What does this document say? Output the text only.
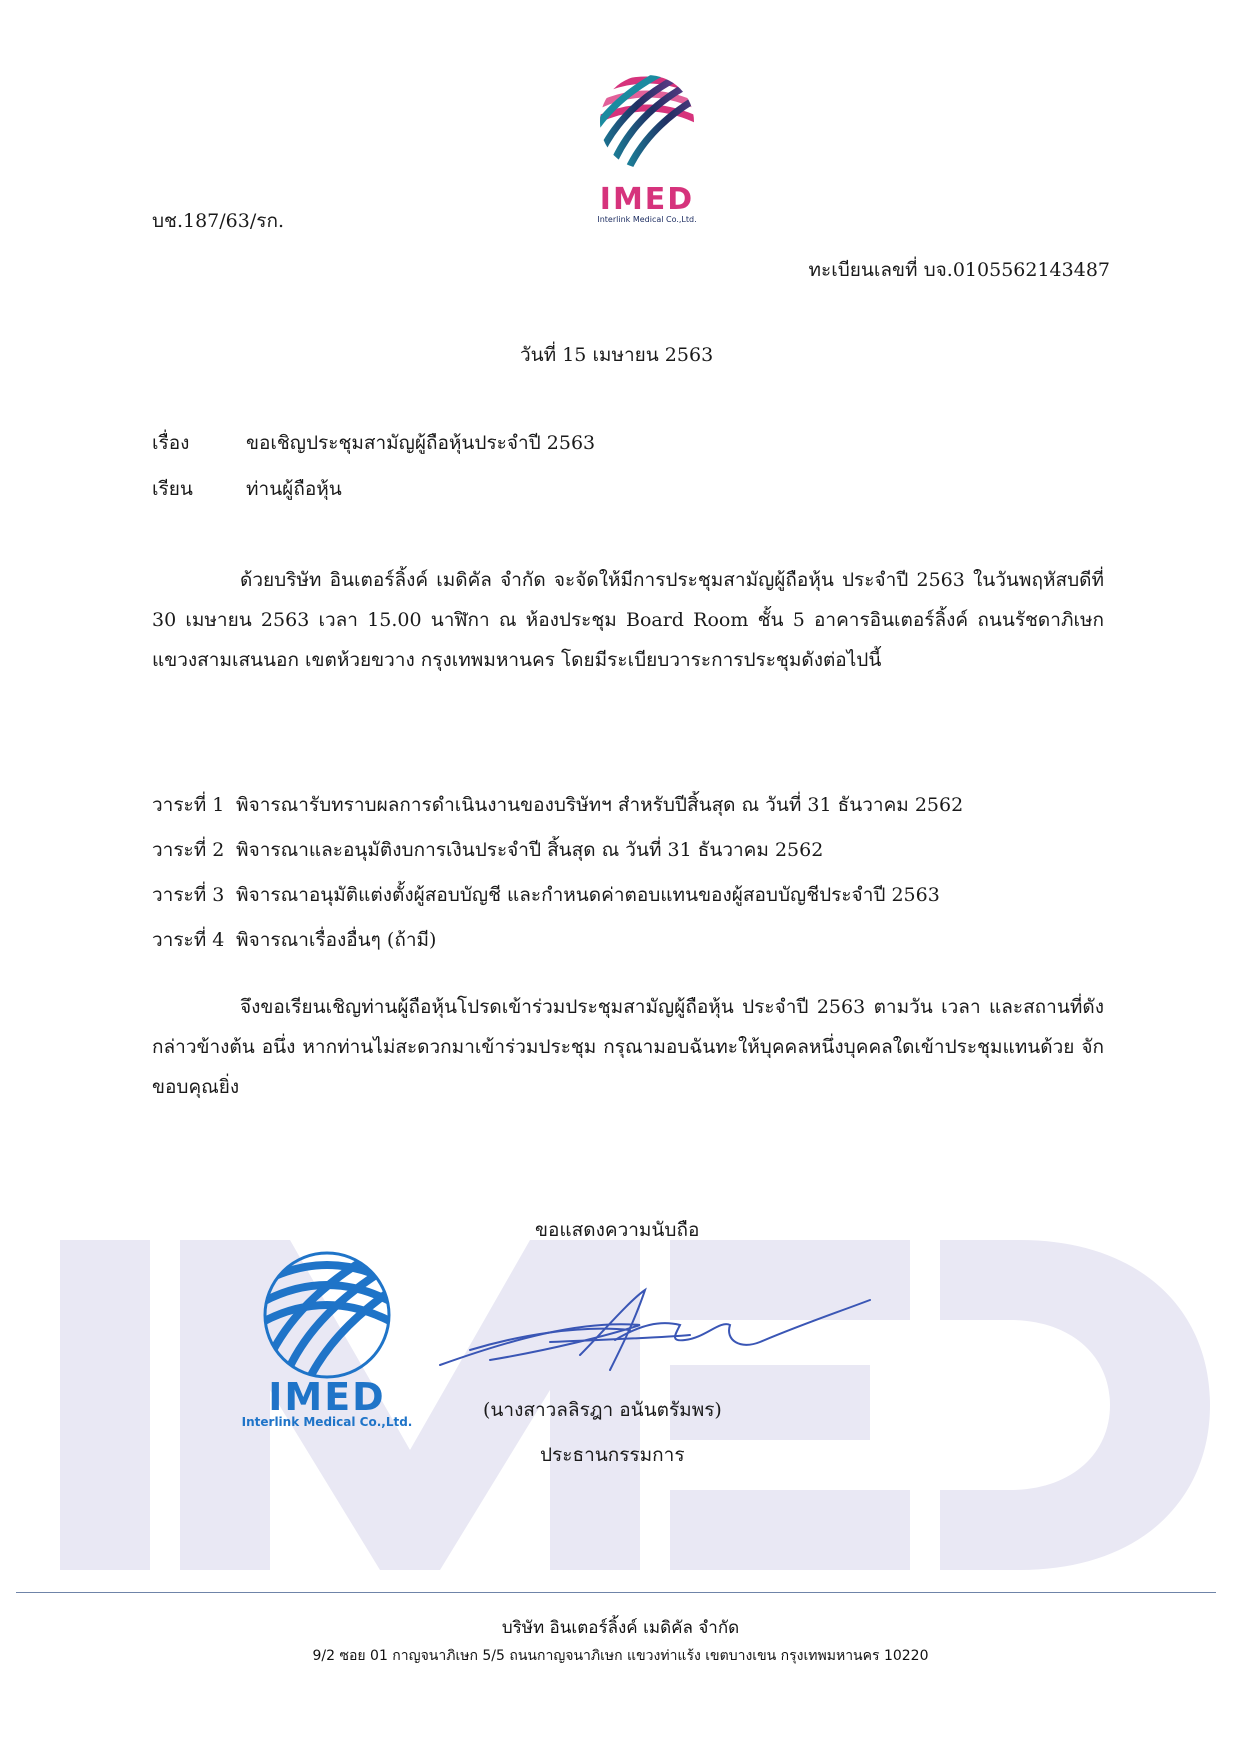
IMED
Interlink Medical Co.,Ltd.
บช.187/63/รก.
ทะเบียนเลขที่ บจ.0105562143487
วันที่ 15 เมษายน 2563
เรื่อง	ขอเชิญประชุมสามัญผู้ถือหุ้นประจำปี 2563
เรียน	ท่านผู้ถือหุ้น
ด้วยบริษัท อินเตอร์ลิ้งค์ เมดิคัล จำกัด จะจัดให้มีการประชุมสามัญผู้ถือหุ้น ประจำปี 2563 ในวันพฤหัสบดีที่ 30 เมษายน 2563 เวลา 15.00 นาฬิกา ณ ห้องประชุม Board Room ชั้น 5 อาคารอินเตอร์ลิ้งค์ ถนนรัชดาภิเษก แขวงสามเสนนอก เขตห้วยขวาง กรุงเทพมหานคร โดยมีระเบียบวาระการประชุมดังต่อไปนี้
วาระที่ 1 พิจารณารับทราบผลการดำเนินงานของบริษัทฯ สำหรับปีสิ้นสุด ณ วันที่ 31 ธันวาคม 2562
วาระที่ 2 พิจารณาและอนุมัติงบการเงินประจำปี สิ้นสุด ณ วันที่ 31 ธันวาคม 2562
วาระที่ 3 พิจารณาอนุมัติแต่งตั้งผู้สอบบัญชี และกำหนดค่าตอบแทนของผู้สอบบัญชีประจำปี 2563
วาระที่ 4 พิจารณาเรื่องอื่นๆ (ถ้ามี)
จึงขอเรียนเชิญท่านผู้ถือหุ้นโปรดเข้าร่วมประชุมสามัญผู้ถือหุ้น ประจำปี 2563 ตามวัน เวลา และสถานที่ดังกล่าวข้างต้น อนึ่ง หากท่านไม่สะดวกมาเข้าร่วมประชุม กรุณามอบฉันทะให้บุคคลหนึ่งบุคคลใดเข้าประชุมแทนด้วย จักขอบคุณยิ่ง
ขอแสดงความนับถือ
IMED
Interlink Medical Co.,Ltd.
(นางสาวลลิรฎา อนันตรัมพร)
ประธานกรรมการ
บริษัท อินเตอร์ลิ้งค์ เมดิคัล จำกัด
9/2 ซอย 01 กาญจนาภิเษก 5/5 ถนนกาญจนาภิเษก แขวงท่าแร้ง เขตบางเขน กรุงเทพมหานคร 10220
